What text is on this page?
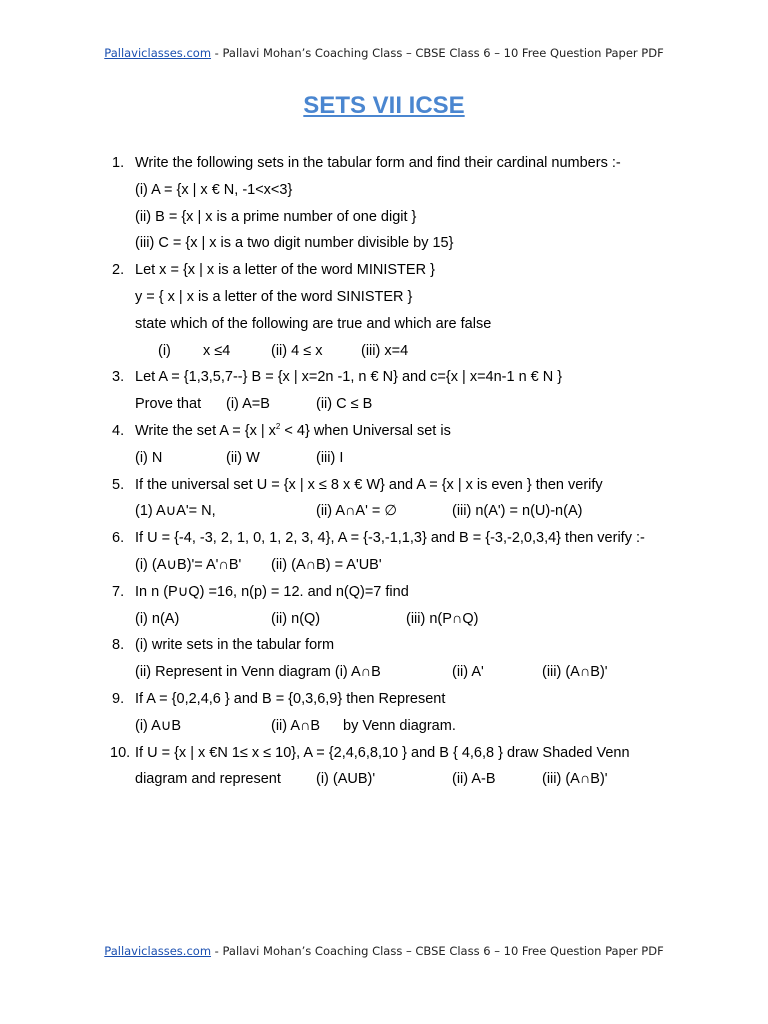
Pallaviclasses.com - Pallavi Mohan’s Coaching Class – CBSE Class 6 – 10 Free Question Paper PDF
SETS VII ICSE
1. Write the following sets in the tabular form and find their cardinal numbers :-
(i) A = {x | x € N, -1<x<3}
(ii) B = {x | x is a prime number of one digit }
(iii) C = {x | x is a two digit number divisible by 15}
2. Let x = {x | x is a letter of the word MINISTER }
y = { x | x is a letter of the word SINISTER }
state which of the following are true and which are false
(i) x ≤4	(ii) 4 ≤ x	(iii) x=4
3. Let A = {1,3,5,7--} B = {x | x=2n -1, n € N} and c={x | x=4n-1 n € N }
Prove that (i) A=B	(ii) C ≤ B
4. Write the set A = {x | $x^2 < 4$} when Universal set is
(i) N	(ii) W	(iii) I
5. If the universal set U = {x | x ≤ 8 x € W} and A = {x | x is even } then verify
(1) A∪A'= N,	(ii) A∩A' = ∅	(iii) n(A') = n(U)-n(A)
6. If U = {-4, -3, 2, 1, 0, 1, 2, 3, 4}, A = {-3,-1,1,3} and B = {-3,-2,0,3,4} then verify :-
(i) (A∪B)'= A'∩B' (ii) (A∩B) = A'UB'
7. In n (P∪Q) =16, n(p) = 12. and n(Q)=7 find
(i) n(A)	(ii) n(Q)	(iii) n(P∩Q)
8. (i) write sets in the tabular form
(ii) Represent in Venn diagram (i) A∩B	(ii) A'	(iii) (A∩B)'
9. If A = {0,2,4,6 } and B = {0,3,6,9} then Represent
(i) A∪B	(ii) A∩B by Venn diagram.
10. If U = {x | x €N 1≤ x ≤ 10}, A = {2,4,6,8,10 } and B { 4,6,8 } draw Shaded Venn
diagram and represent (i) (AUB)'	(ii) A-B	(iii) (A∩B)'
Pallaviclasses.com - Pallavi Mohan’s Coaching Class – CBSE Class 6 – 10 Free Question Paper PDF
